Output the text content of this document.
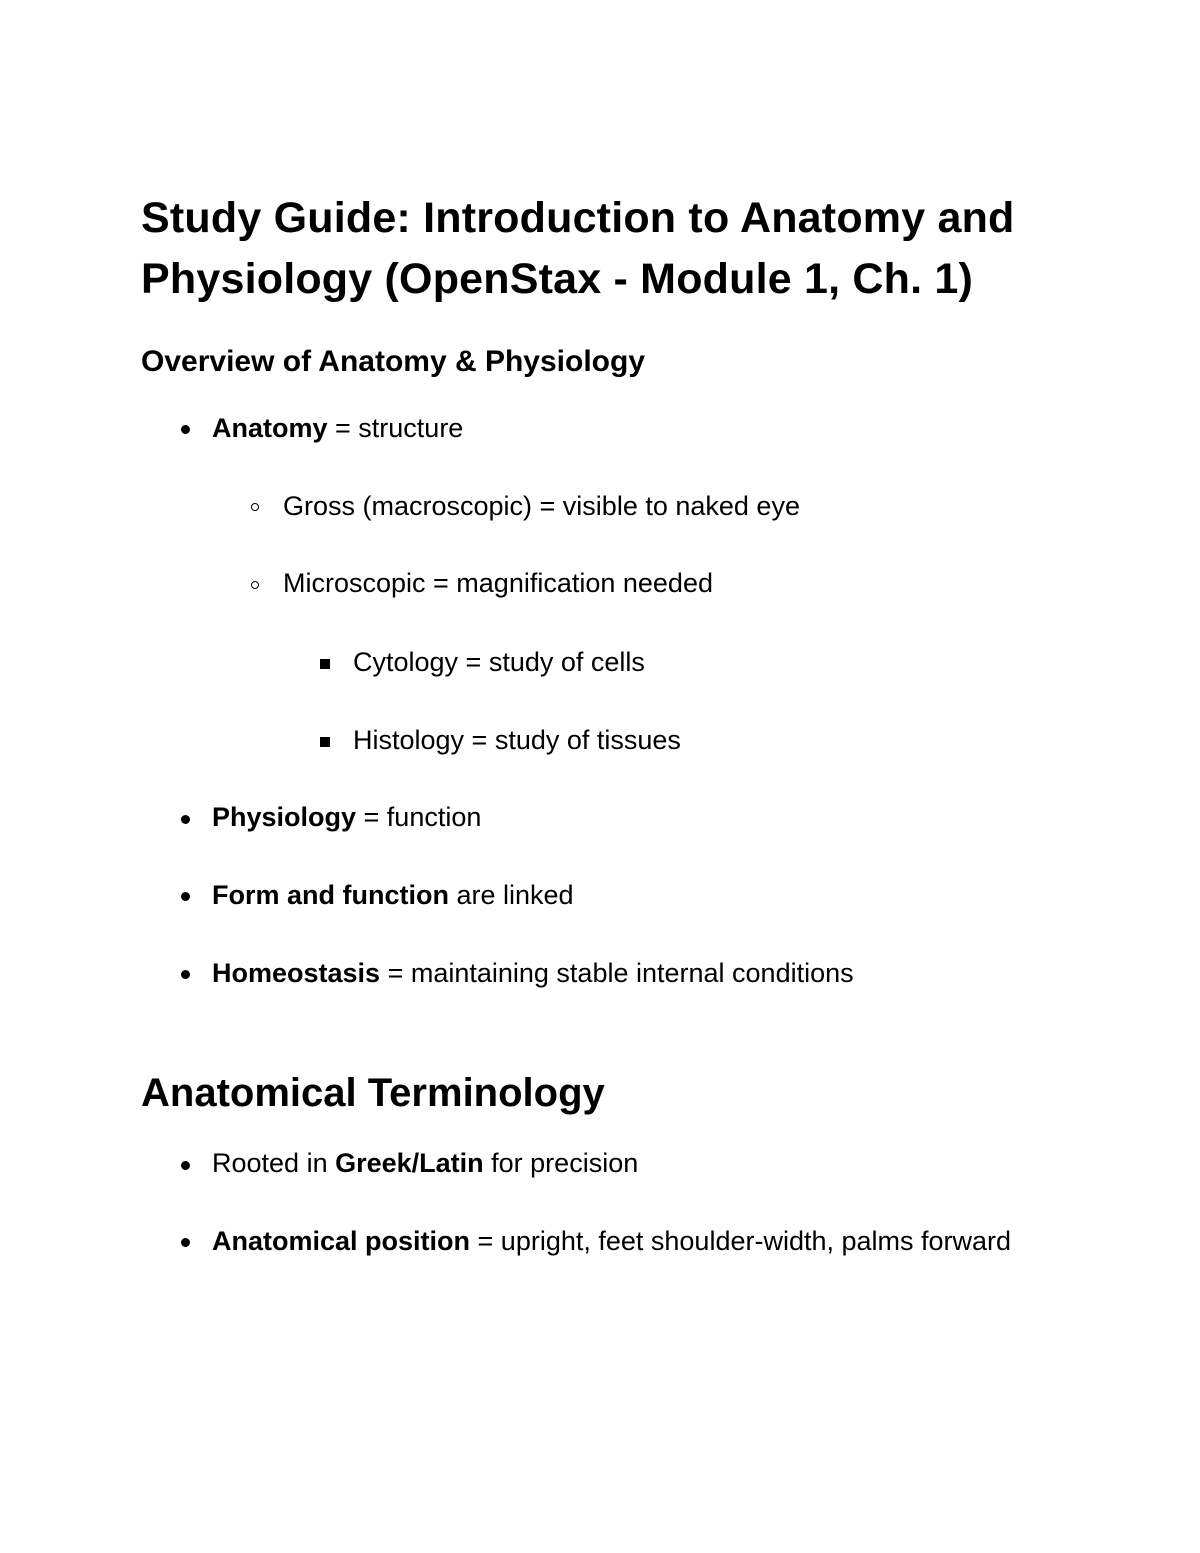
Study Guide: Introduction to Anatomy and Physiology (OpenStax - Module 1, Ch. 1)
Overview of Anatomy & Physiology

Anatomy = structure

Gross (macroscopic) = visible to naked eye

Microscopic = magnification needed

Cytology = study of cells

Histology = study of tissues

Physiology = function

Form and function are linked

Homeostasis = maintaining stable internal conditions

Anatomical Terminology

Rooted in Greek/Latin for precision

Anatomical position = upright, feet shoulder-width, palms forward
